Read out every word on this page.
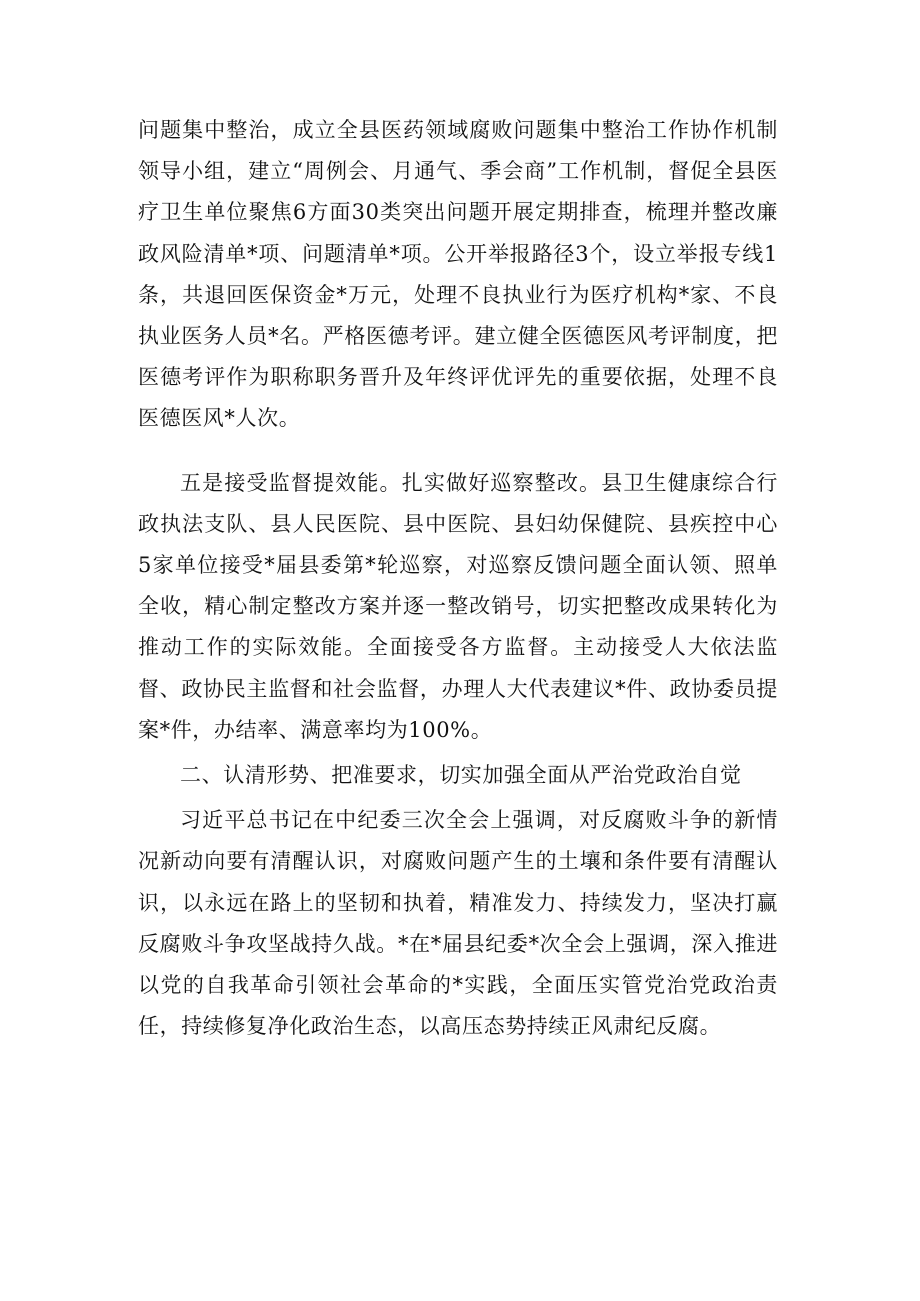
问题集中整治，成立全县医药领域腐败问题集中整治工作协作机制领导小组，建立“周例会、月通气、季会商”工作机制，督促全县医疗卫生单位聚焦6方面30类突出问题开展定期排查，梳理并整改廉政风险清单*项、问题清单*项。公开举报路径3个，设立举报专线1条，共退回医保资金*万元，处理不良执业行为医疗机构*家、不良执业医务人员*名。严格医德考评。建立健全医德医风考评制度，把医德考评作为职称职务晋升及年终评优评先的重要依据，处理不良医德医风*人次。

五是接受监督提效能。扎实做好巡察整改。县卫生健康综合行政执法支队、县人民医院、县中医院、县妇幼保健院、县疾控中心5家单位接受*届县委第*轮巡察，对巡察反馈问题全面认领、照单全收，精心制定整改方案并逐一整改销号，切实把整改成果转化为推动工作的实际效能。全面接受各方监督。主动接受人大依法监督、政协民主监督和社会监督，办理人大代表建议*件、政协委员提案*件，办结率、满意率均为100%。

二、认清形势、把准要求，切实加强全面从严治党政治自觉

习近平总书记在中纪委三次全会上强调，对反腐败斗争的新情况新动向要有清醒认识，对腐败问题产生的土壤和条件要有清醒认识，以永远在路上的坚韧和执着，精准发力、持续发力，坚决打赢反腐败斗争攻坚战持久战。*在*届县纪委*次全会上强调，深入推进以党的自我革命引领社会革命的*实践，全面压实管党治党政治责任，持续修复净化政治生态，以高压态势持续正风肃纪反腐。
